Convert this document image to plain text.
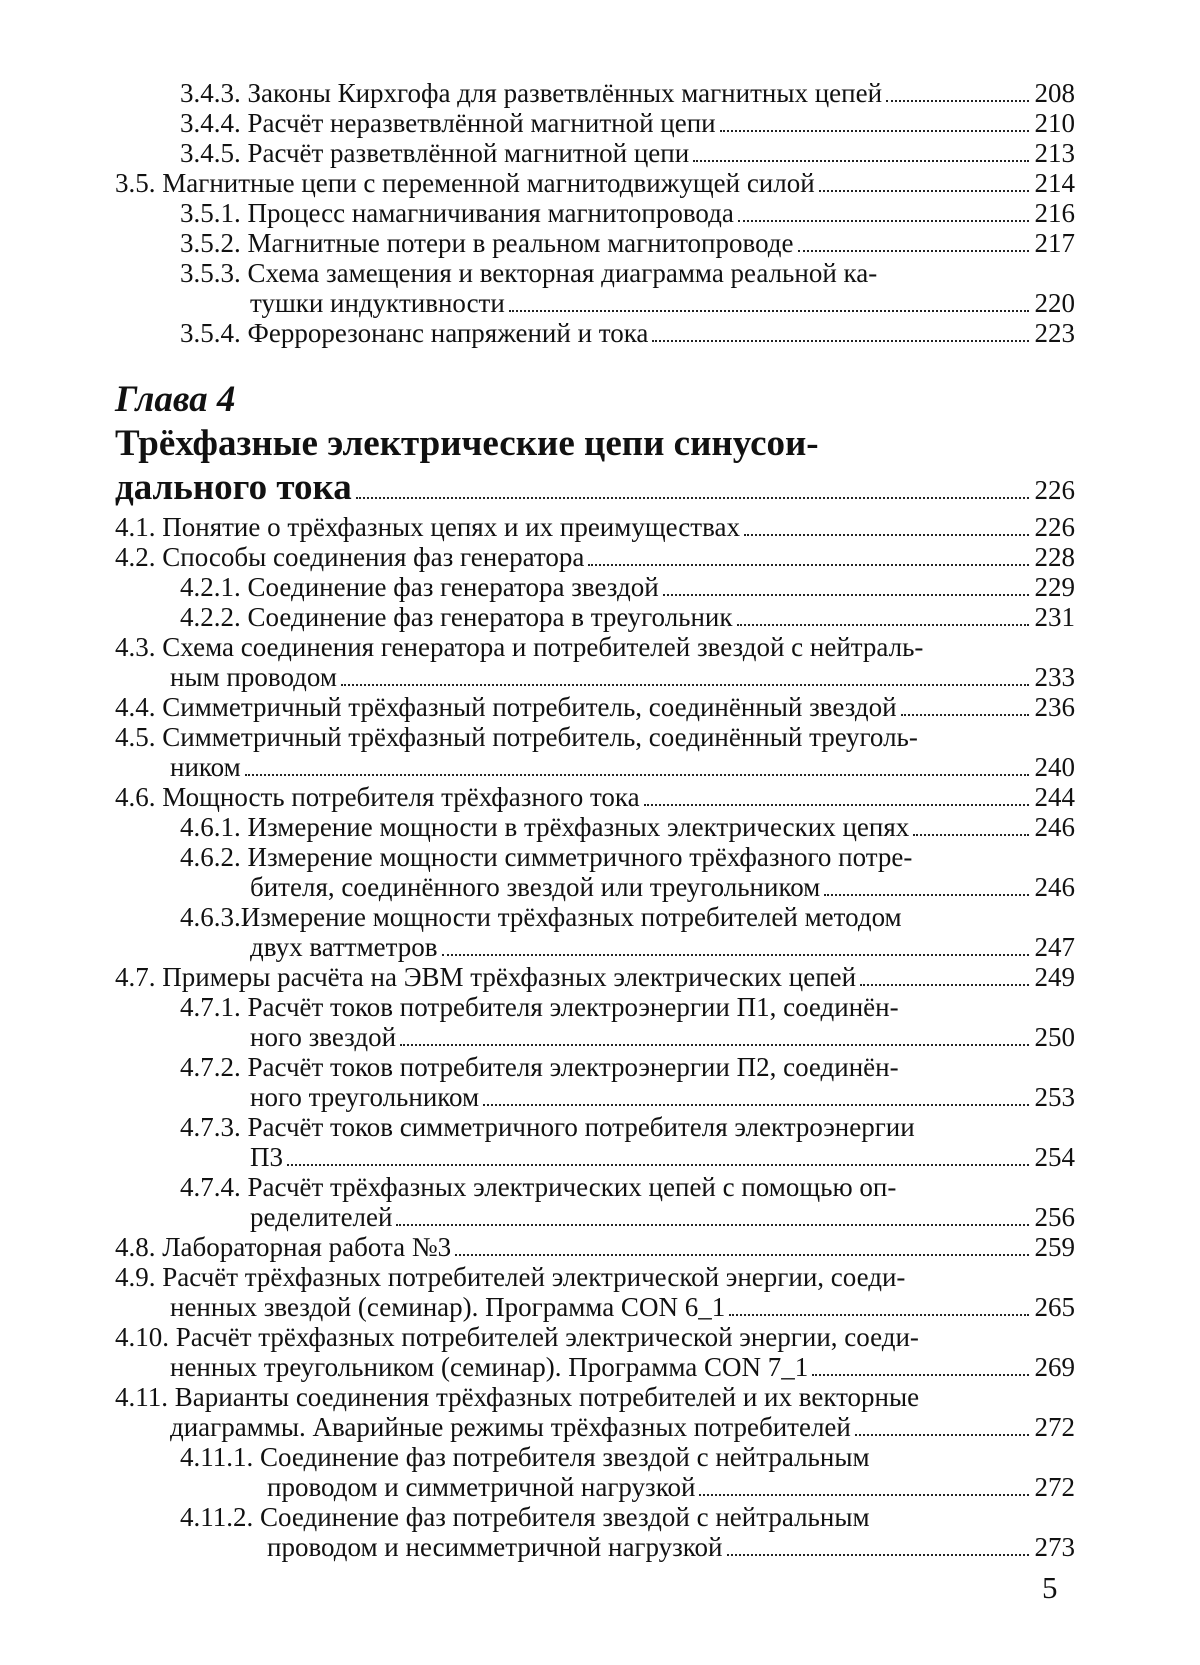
3.4.3. Законы Кирхгофа для разветвлённых магнитных цепей	208
3.4.4. Расчёт неразветвлённой магнитной цепи	210
3.4.5. Расчёт разветвлённой магнитной цепи	213
3.5. Магнитные цепи с переменной магнитодвижущей силой	214
3.5.1. Процесс намагничивания магнитопровода	216
3.5.2. Магнитные потери в реальном магнитопроводе	217
3.5.3. Схема замещения и векторная диаграмма реальной ка-
тушки индуктивности	220
3.5.4. Феррорезонанс напряжений и тока	223
Глава 4
Трёхфазные электрические цепи синусои-
дального тока	226
4.1. Понятие о трёхфазных цепях и их преимуществах	226
4.2. Способы соединения фаз генератора	228
4.2.1. Соединение фаз генератора звездой	229
4.2.2. Соединение фаз генератора в треугольник	231
4.3. Схема соединения генератора и потребителей звездой с нейтраль-
ным проводом	233
4.4. Симметричный трёхфазный потребитель, соединённый звездой	236
4.5. Симметричный трёхфазный потребитель, соединённый треуголь-
ником	240
4.6. Мощность потребителя трёхфазного тока	244
4.6.1. Измерение мощности в трёхфазных электрических цепях	246
4.6.2. Измерение мощности симметричного трёхфазного потре-
бителя, соединённого звездой или треугольником	246
4.6.3.Измерение мощности трёхфазных потребителей методом
двух ваттметров	247
4.7. Примеры расчёта на ЭВМ трёхфазных электрических цепей	249
4.7.1. Расчёт токов потребителя электроэнергии П1, соединён-
ного звездой	250
4.7.2. Расчёт токов потребителя электроэнергии П2, соединён-
ного треугольником	253
4.7.3. Расчёт токов симметричного потребителя электроэнергии
П3	254
4.7.4. Расчёт трёхфазных электрических цепей с помощью оп-
ределителей	256
4.8. Лабораторная работа №3	259
4.9. Расчёт трёхфазных потребителей электрической энергии, соеди-
ненных звездой (семинар). Программа CON 6_1	265
4.10. Расчёт трёхфазных потребителей электрической энергии, соеди-
ненных треугольником (семинар). Программа CON 7_1	269
4.11. Варианты соединения трёхфазных потребителей и их векторные
диаграммы. Аварийные режимы трёхфазных потребителей	272
4.11.1. Соединение фаз потребителя звездой с нейтральным
проводом и симметричной нагрузкой	272
4.11.2. Соединение фаз потребителя звездой с нейтральным
проводом и несимметричной нагрузкой	273
5
